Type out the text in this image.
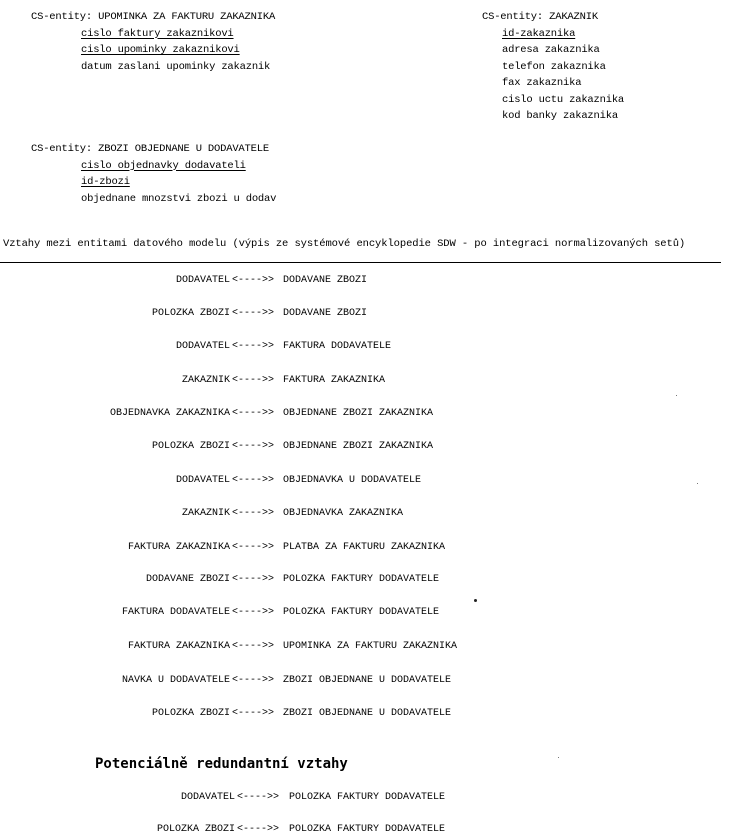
CS-entity: UPOMINKA ZA FAKTURU ZAKAZNIKA
cislo faktury zakaznikovi
cislo upominky zakaznikovi
datum zaslani upominky zakaznik
CS-entity: ZAKAZNIK
id-zakaznika
adresa zakaznika
telefon zakaznika
fax zakaznika
cislo uctu zakaznika
kod banky zakaznika
CS-entity: ZBOZI OBJEDNANE U DODAVATELE
cislo objednavky dodavateli
id-zbozi
objednane mnozstvi zbozi u dodav
Vztahy mezi entitami datového modelu (výpis ze systémové encyklopedie SDW - po integraci normalizovaných setů)
DODAVATEL <---->> DODAVANE ZBOZI
POLOZKA ZBOZI <---->> DODAVANE ZBOZI
DODAVATEL <---->> FAKTURA DODAVATELE
ZAKAZNIK <---->> FAKTURA ZAKAZNIKA
OBJEDNAVKA ZAKAZNIKA <---->> OBJEDNANE ZBOZI ZAKAZNIKA
POLOZKA ZBOZI <---->> OBJEDNANE ZBOZI ZAKAZNIKA
DODAVATEL <---->> OBJEDNAVKA U DODAVATELE
ZAKAZNIK <---->> OBJEDNAVKA ZAKAZNIKA
FAKTURA ZAKAZNIKA <---->> PLATBA ZA FAKTURU ZAKAZNIKA
DODAVANE ZBOZI <---->> POLOZKA FAKTURY DODAVATELE
FAKTURA DODAVATELE <---->> POLOZKA FAKTURY DODAVATELE
FAKTURA ZAKAZNIKA <---->> UPOMINKA ZA FAKTURU ZAKAZNIKA
NAVKA U DODAVATELE <---->> ZBOZI OBJEDNANE U DODAVATELE
POLOZKA ZBOZI <---->> ZBOZI OBJEDNANE U DODAVATELE
Potenciálně redundantní vztahy
DODAVATEL <---->> POLOZKA FAKTURY DODAVATELE
POLOZKA ZBOZI <---->> POLOZKA FAKTURY DODAVATELE
